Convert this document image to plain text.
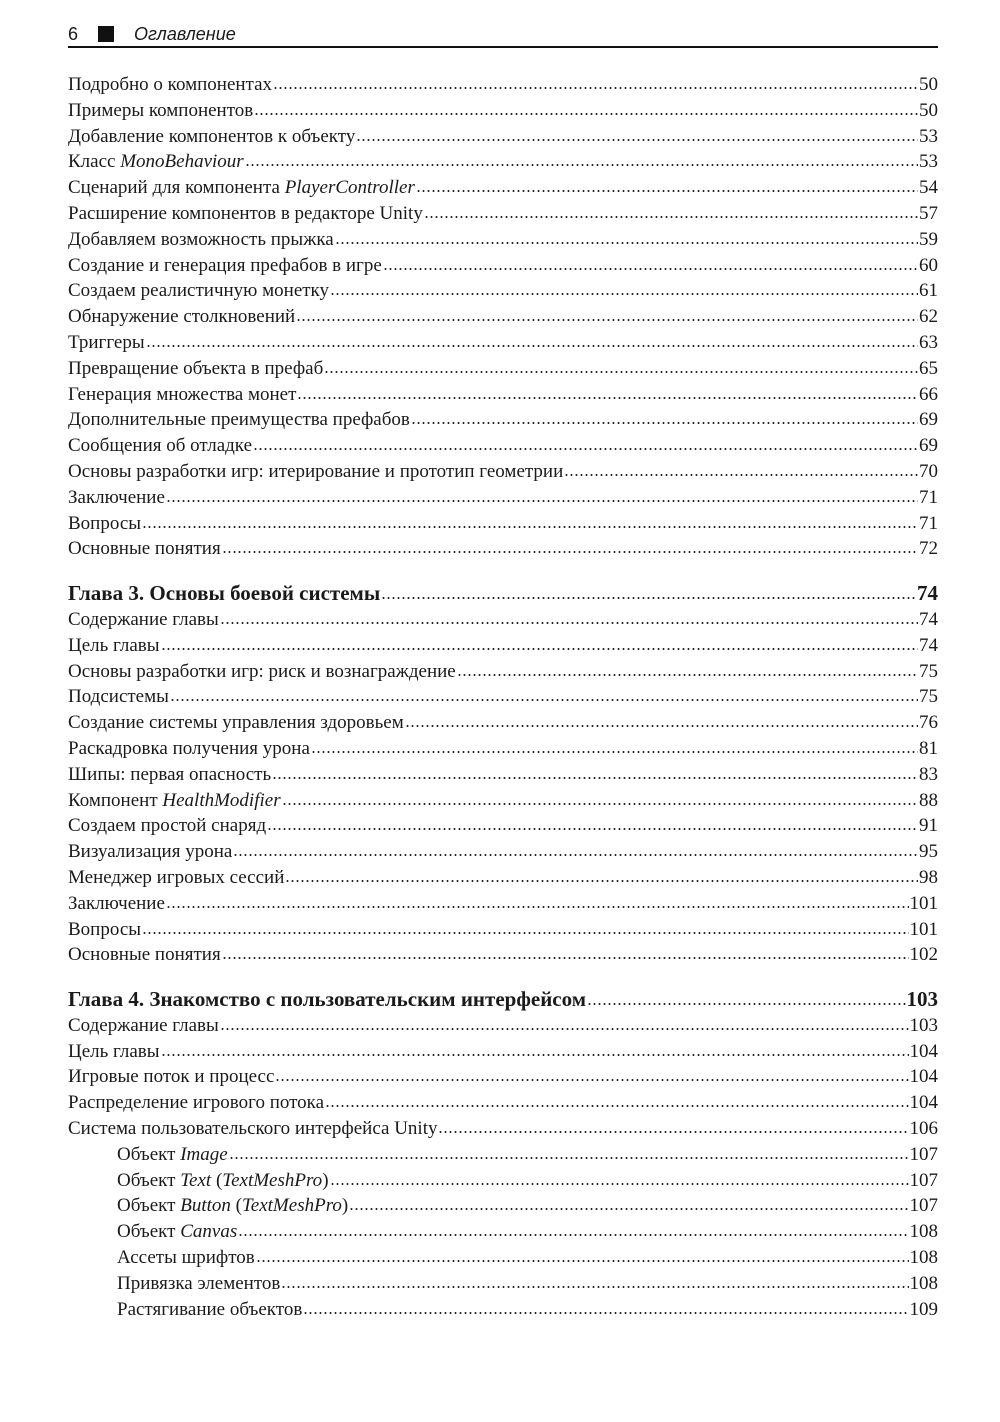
6	Оглавление
Подробно о компонентах	50
Примеры компонентов	50
Добавление компонентов к объекту	53
Класс MonoBehaviour	53
Сценарий для компонента PlayerController	54
Расширение компонентов в редакторе Unity	57
Добавляем возможность прыжка	59
Создание и генерация префабов в игре	60
Создаем реалистичную монетку	61
Обнаружение столкновений	62
Триггеры	63
Превращение объекта в префаб	65
Генерация множества монет	66
Дополнительные преимущества префабов	69
Сообщения об отладке	69
Основы разработки игр: итерирование и прототип геометрии	70
Заключение	71
Вопросы	71
Основные понятия	72
Глава 3. Основы боевой системы	74
Содержание главы	74
Цель главы	74
Основы разработки игр: риск и вознаграждение	75
Подсистемы	75
Создание системы управления здоровьем	76
Раскадровка получения урона	81
Шипы: первая опасность	83
Компонент HealthModifier	88
Создаем простой снаряд	91
Визуализация урона	95
Менеджер игровых сессий	98
Заключение	101
Вопросы	101
Основные понятия	102
Глава 4. Знакомство с пользовательским интерфейсом	103
Содержание главы	103
Цель главы	104
Игровые поток и процесс	104
Распределение игрового потока	104
Система пользовательского интерфейса Unity	106
Объект Image	107
Объект Text (TextMeshPro)	107
Объект Button (TextMeshPro)	107
Объект Canvas	108
Ассеты шрифтов	108
Привязка элементов	108
Растягивание объектов	109
